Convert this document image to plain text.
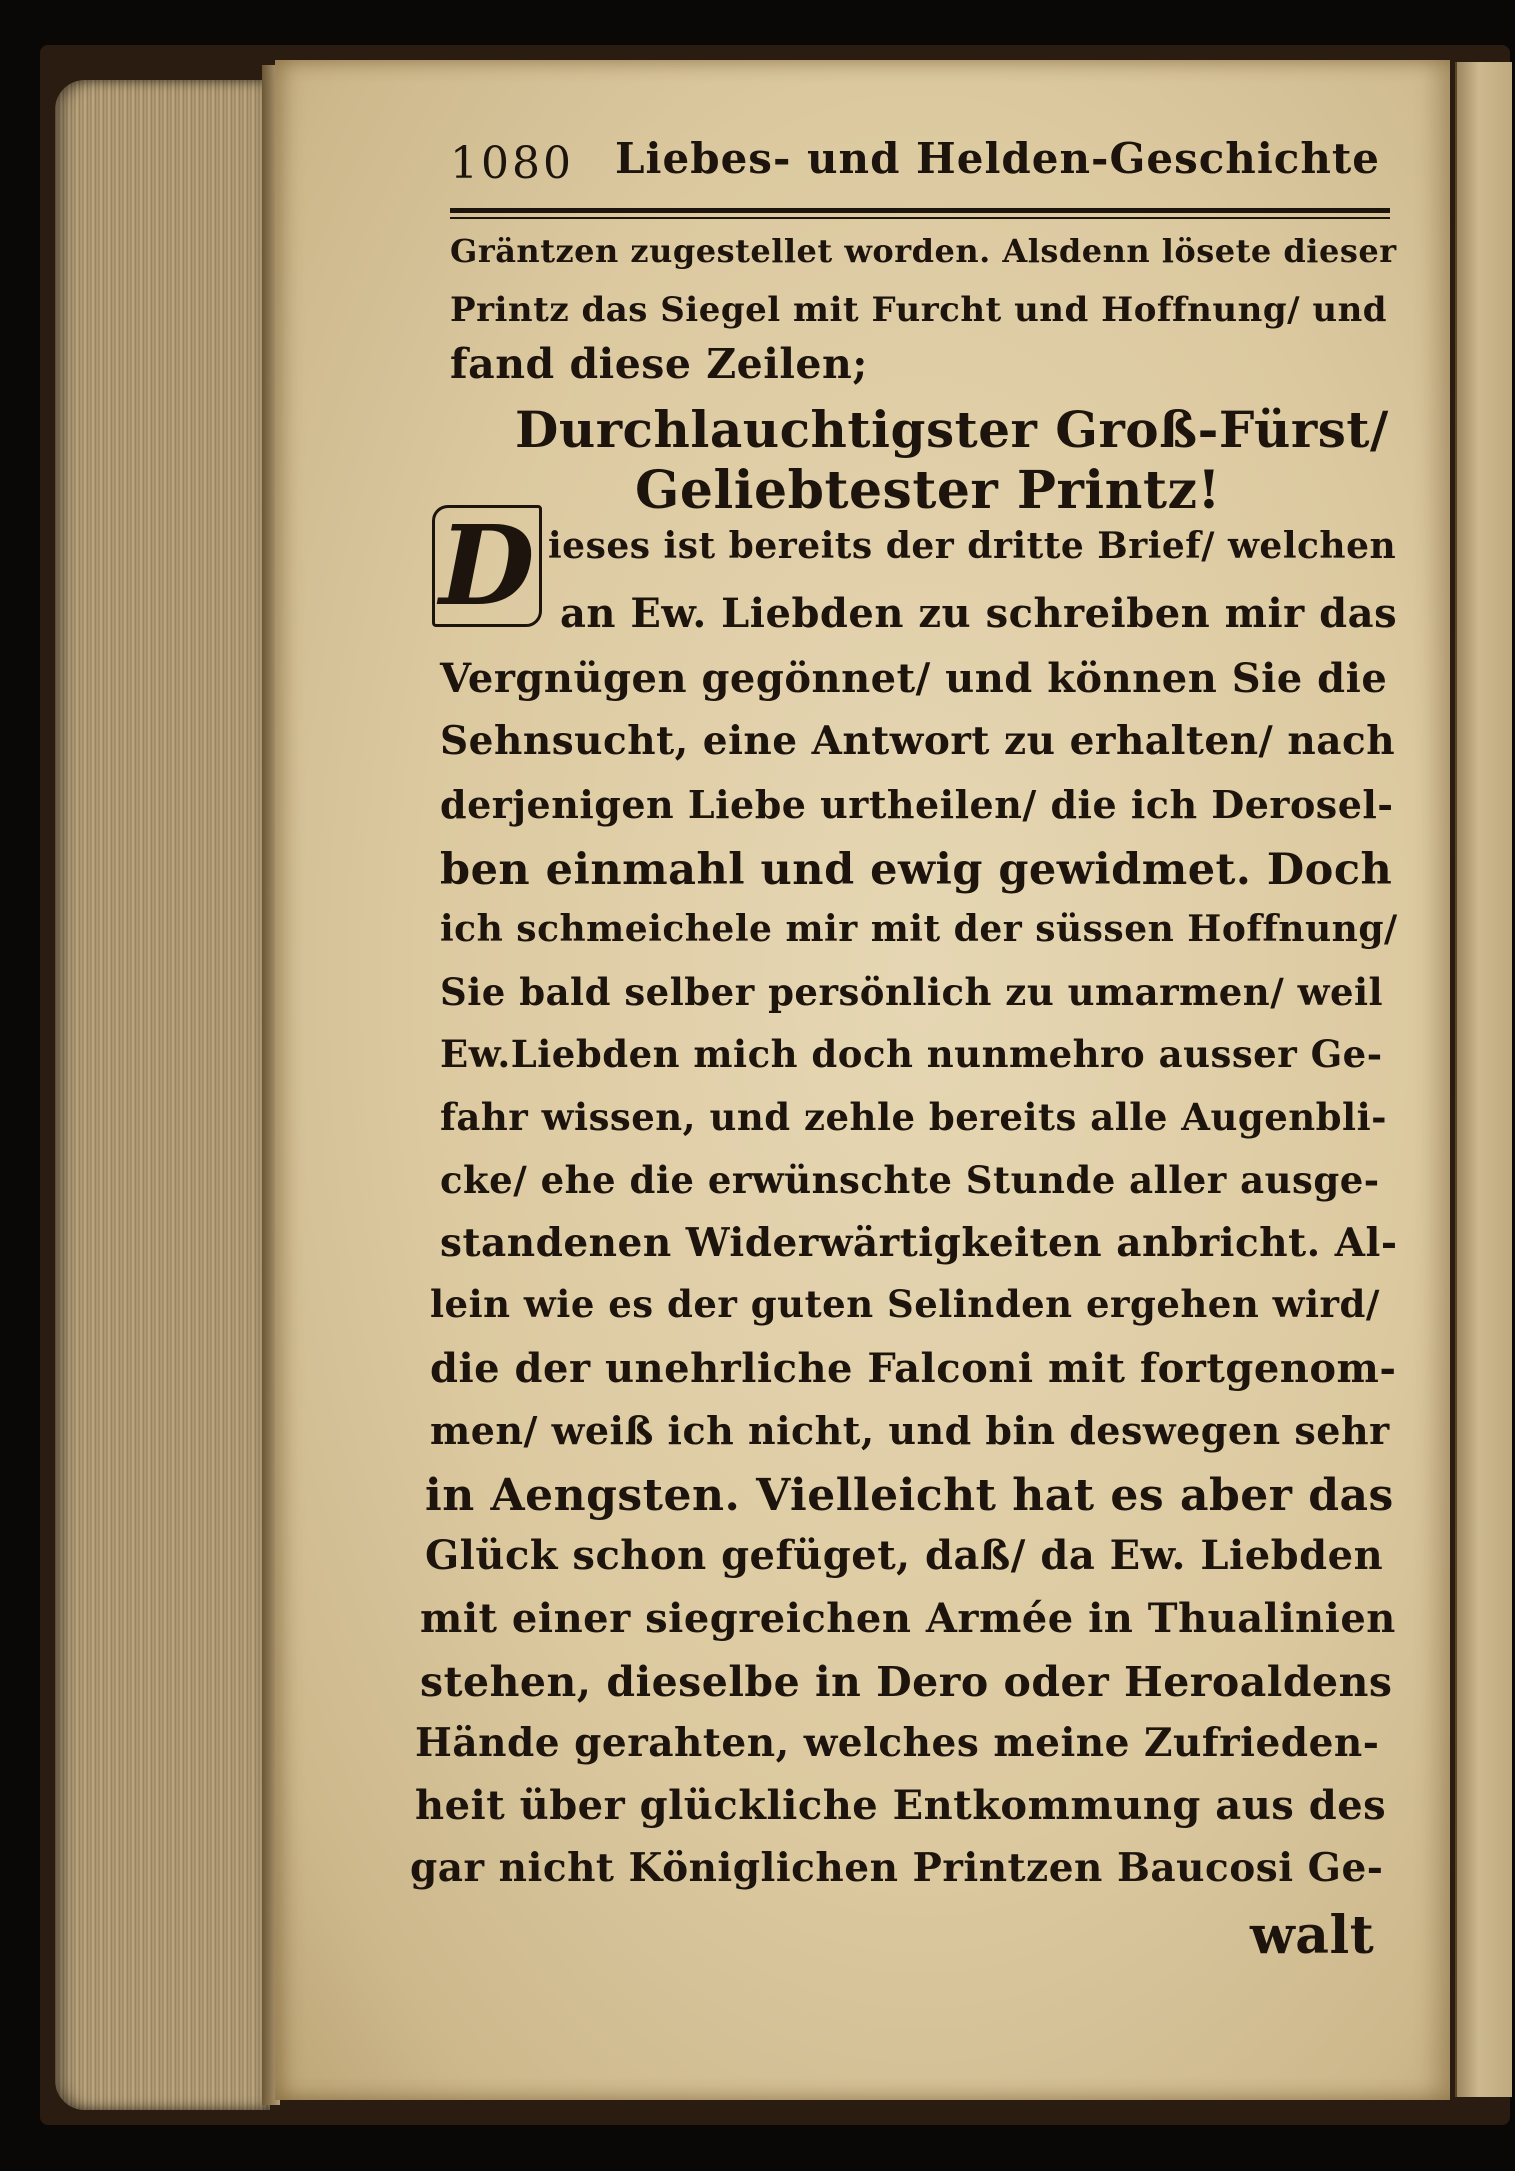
1080 Liebes- und Helden-Geschichte
Gräntzen zugestellet worden. Alsdenn lösete dieser
Printz das Siegel mit Furcht und Hoffnung/ und
fand diese Zeilen;
Durchlauchtigster Groß-Fürst/
Geliebtester Printz!
D ieses ist bereits der dritte Brief/ welchen
an Ew. Liebden zu schreiben mir das
Vergnügen gegönnet/ und können Sie die
Sehnsucht, eine Antwort zu erhalten/ nach
derjenigen Liebe urtheilen/ die ich Derosel-
ben einmahl und ewig gewidmet. Doch
ich schmeichele mir mit der süssen Hoffnung/
Sie bald selber persönlich zu umarmen/ weil
Ew.Liebden mich doch nunmehro ausser Ge-
fahr wissen, und zehle bereits alle Augenbli-
cke/ ehe die erwünschte Stunde aller ausge-
standenen Widerwärtigkeiten anbricht. Al-
lein wie es der guten Selinden ergehen wird/
die der unehrliche Falconi mit fortgenom-
men/ weiß ich nicht, und bin deswegen sehr
in Aengsten. Vielleicht hat es aber das
Glück schon gefüget, daß/ da Ew. Liebden
mit einer siegreichen Armée in Thualinien
stehen, dieselbe in Dero oder Heroaldens
Hände gerahten, welches meine Zufrieden-
heit über glückliche Entkommung aus des
gar nicht Königlichen Printzen Baucosi Ge-
walt
